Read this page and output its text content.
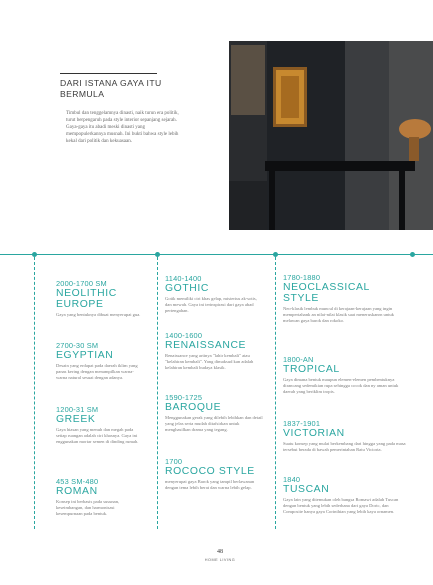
DARI ISTANA GAYA ITU BERMULA
Timbul dan tenggelamnya dinasti, naik turun era politik, turut berpengaruh pada style interior sepanjang sejarah. Gaya-gaya itu abadi meski dinasti yang mempopulerkannya musnah. Ini bukti bahwa style lebih kekal dari politik dan kekuasaan.
2000-1700 SM
NEOLITHIC EUROPE
Gaya yang bentuknya dibuat menyerupai gua.
2700-30 SM
EGYPTIAN
Desain yang erdapat pada daerah iklim yang panas kering dengan menampilkan warna-warna natural sesuai dengan adanya.
1200-31 SM
GREEK
Gaya hiasan yang menuh dan megah pada setiap ruangan adalah ciri khasnya. Gaya ini enggunakan mortar semen di dinding rumah.
453 SM-480
ROMAN
Konsep ini berbasis pada susunan, keseimbangan, dan harmonisasi kesempurnaan pada bentuk.
1140-1400
GOTHIC
Gotik memiliki ciri khas gelap, misterius ak-sotis, dan mewah. Gaya ini terinspirasi dari gaya abad pertengahan.
1400-1600
RENAISSANCE
Renaissance yang artinya "lahir kembali" atau "kelahiran kembali". Yang dimaksud kan adalah kelahiran kembali budaya klasik.
1590-1725
BAROQUE
Menggunakan gerak yang dilebih lebihkan dan detail yang jelas serta mudah ditafsirkan untuk menghasilkan drama yang tegang.
1700
ROCOCO STYLE
menyerupai gaya Barok yang tampil berlawanan dengan tema lebih berat dan warna lebih gelap.
1780-1880
NEOCLASSICAL STYLE
Neo-klasik lembuk muncul di kerajaan-kerajaan yang ingin mempertahank an nilai-nilai klasik saat meneruskanrn untuk melawan gaya barok dan rokoko.
1800-AN
TROPICAL
Gaya dimana bentuk maupun elemen-elemen pembentuknya dirancang sedemikian rupa sehingga cocok dan ny aman untuk daerah yang beriklim tropis.
1837-1901
VICTORIAN
Suatu konsep yang mulai berkembang dari hingga yang pada masa tersebut berada di bawah pemerintahan Ratu Victoria.
1840
TUSCAN
Gaya lain yang ditemukan oleh bangsa Romawi adalah Tuscan dengan bentuk yang lebih sederhana dari gaya Doric, dan Composite hanya gaya Corinthian yang lebih kaya ornamen.
48
HOME LIVING
